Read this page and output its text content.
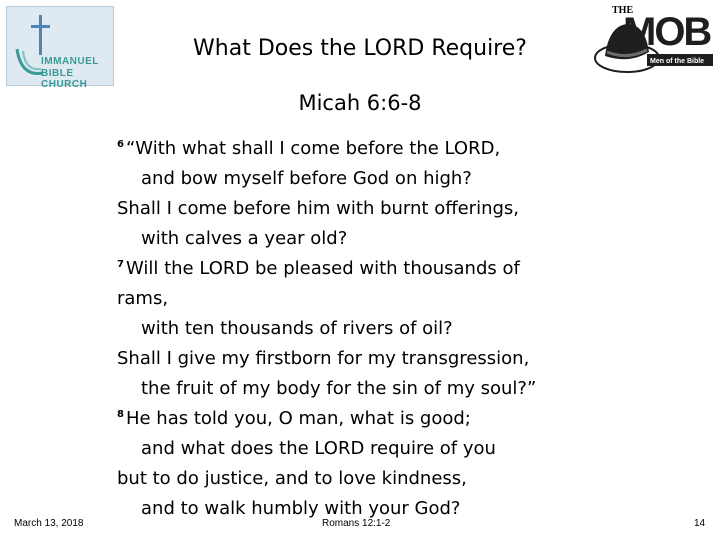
IMMANUEL
BIBLE CHURCH
THE
MOB
Men of the Bible
What Does the LORD Require?
Micah 6:6-8
$^6$ “With what shall I come before the LORD,
and bow myself before God on high?
Shall I come before him with burnt offerings,
with calves a year old?
$^7$ Will the LORD be pleased with thousands of
rams,
with ten thousands of rivers of oil?
Shall I give my firstborn for my transgression,
the fruit of my body for the sin of my soul?”
$^8$ He has told you, O man, what is good;
and what does the LORD require of you
but to do justice, and to love kindness,
and to walk humbly with your God?
March 13, 2018	Romans 12:1-2	14
